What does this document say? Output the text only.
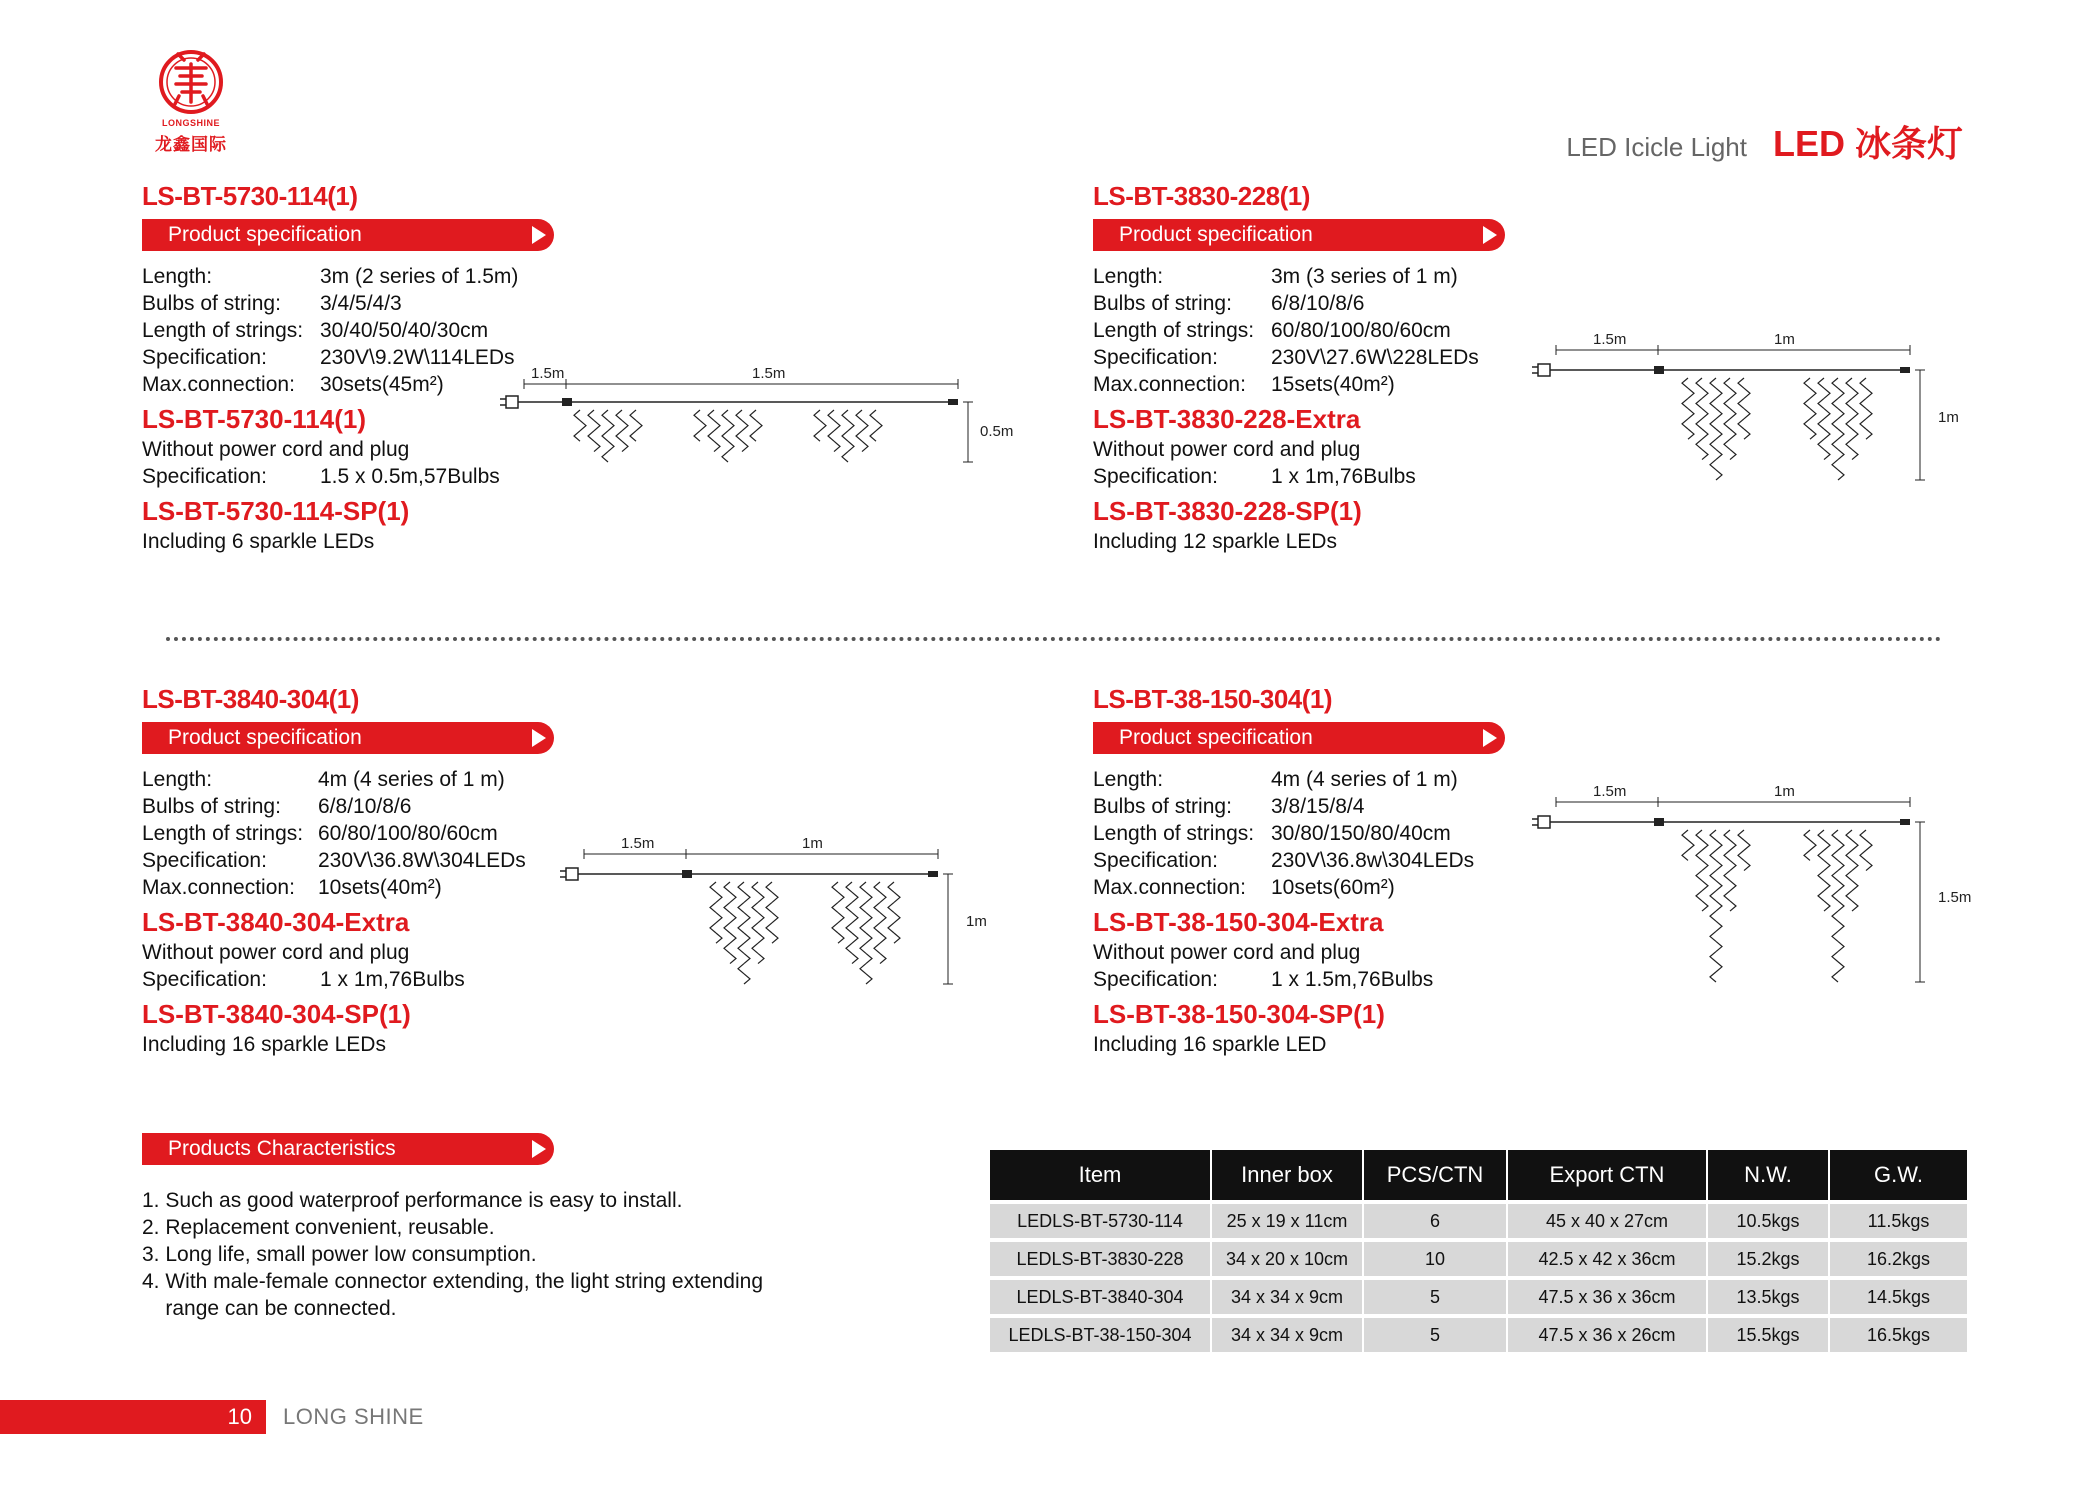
LONGSHINE
龙鑫国际	LED Icicle Light LED 冰条灯
LS-BT-5730-114(1)
Product specification
Length:	3m (2 series of 1.5m)
Bulbs of string:	3/4/5/4/3
Length of strings: 30/40/50/40/30cm
Specification:	230V\9.2W\114LEDs
Max.connection:	30sets(45m²)
LS-BT-5730-114(1)
Without power cord and plug
Specification:	1.5 x 0.5m,57Bulbs
LS-BT-5730-114-SP(1)
Including 6 sparkle LEDs
LS-BT-3830-228(1)
Product specification
Length:	3m (3 series of 1 m)
Bulbs of string:	6/8/10/8/6
Length of strings: 60/80/100/80/60cm
Specification:	230V\27.6W\228LEDs
Max.connection:	15sets(40m²)
LS-BT-3830-228-Extra
Without power cord and plug
Specification:	1 x 1m,76Bulbs
LS-BT-3830-228-SP(1)
Including 12 sparkle LEDs
LS-BT-3840-304(1)
Product specification
Length:	4m (4 series of 1 m)
Bulbs of string:	6/8/10/8/6
Length of strings: 60/80/100/80/60cm
Specification:	230V\36.8W\304LEDs
Max.connection:	10sets(40m²)
LS-BT-3840-304-Extra
Without power cord and plug
Specification:	1 x 1m,76Bulbs
LS-BT-3840-304-SP(1)
Including 16 sparkle LEDs
LS-BT-38-150-304(1)
Product specification
Length:	4m (4 series of 1 m)
Bulbs of string:	3/8/15/8/4
Length of strings: 30/80/150/80/40cm
Specification:	230V\36.8w\304LEDs
Max.connection:	10sets(60m²)
LS-BT-38-150-304-Extra
Without power cord and plug
Specification:	1 x 1.5m,76Bulbs
LS-BT-38-150-304-SP(1)
Including 16 sparkle LED
1.5m	1.5m
0.5m
1.5m	1m
1m
1.5m	1m
1m
1.5m	1m
1.5m
Products Characteristics
1. Such as good waterproof performance is easy to install.
2. Replacement convenient, reusable.
3. Long life, small power low consumption.
4. With male-female connector extending, the light string extending
range can be connected.
Item	Inner box	PCS/CTN	Export CTN	N.W.	G.W.
LEDLS-BT-5730-114	25 x 19 x 11cm	6	45 x 40 x 27cm	10.5kgs	11.5kgs
LEDLS-BT-3830-228	34 x 20 x 10cm	10	42.5 x 42 x 36cm	15.2kgs	16.2kgs
LEDLS-BT-3840-304	34 x 34 x 9cm	5	47.5 x 36 x 36cm	13.5kgs	14.5kgs
LEDLS-BT-38-150-304	34 x 34 x 9cm	5	47.5 x 36 x 26cm	15.5kgs	16.5kgs
10	LONG SHINE
